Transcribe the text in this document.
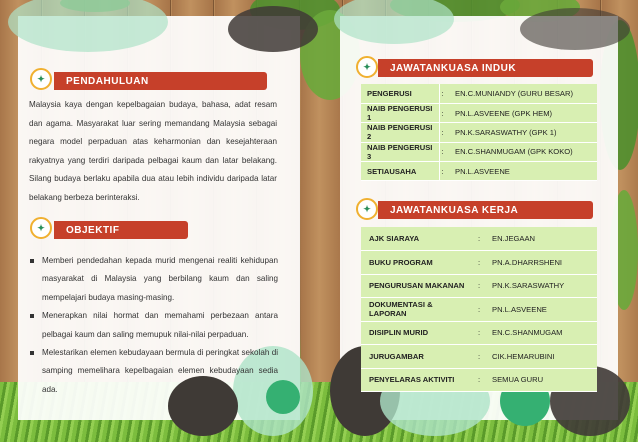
✦	PENDAHULUAN
Malaysia kaya dengan kepelbagaian budaya, bahasa, adat resam dan agama. Masyarakat luar sering memandang Malaysia sebagai negara model perpaduan atas keharmonian dan kesejahteraan rakyatnya yang terdiri daripada pelbagai kaum dan latar belakang. Silang budaya berlaku apabila dua atau lebih individu daripada latar belakang berbeza berinteraksi.
✦	OBJEKTIF
Memberi pendedahan kepada murid mengenai realiti kehidupan masyarakat di Malaysia yang berbilang kaum dan saling mempelajari budaya masing-masing.
Menerapkan nilai hormat dan memahami perbezaan antara pelbagai kaum dan saling memupuk nilai-nilai perpaduan.
Melestarikan elemen kebudayaan bermula di peringkat sekolah di samping memelihara kepelbagaian elemen kebudayaan sedia ada.
✦	JAWATANKUASA INDUK
PENGERUSI	:	EN.C.MUNIANDY (GURU BESAR)
NAIB PENGERUSI 1	:	PN.L.ASVEENE (GPK HEM)
NAIB PENGERUSI 2	:	PN.K.SARASWATHY (GPK 1)
NAIB PENGERUSI 3	:	EN.C.SHANMUGAM (GPK KOKO)
SETIAUSAHA	:	PN.L.ASVEENE
✦	JAWATANKUASA KERJA
AJK SIARAYA	:	EN.JEGAAN
BUKU PROGRAM	:	PN.A.DHARRSHENI
PENGURUSAN MAKANAN	:	PN.K.SARASWATHY
DOKUMENTASI & LAPORAN	:	PN.L.ASVEENE
DISIPLIN MURID	:	EN.C.SHANMUGAM
JURUGAMBAR	:	CIK.HEMARUBINI
PENYELARAS AKTIVITI	:	SEMUA GURU
